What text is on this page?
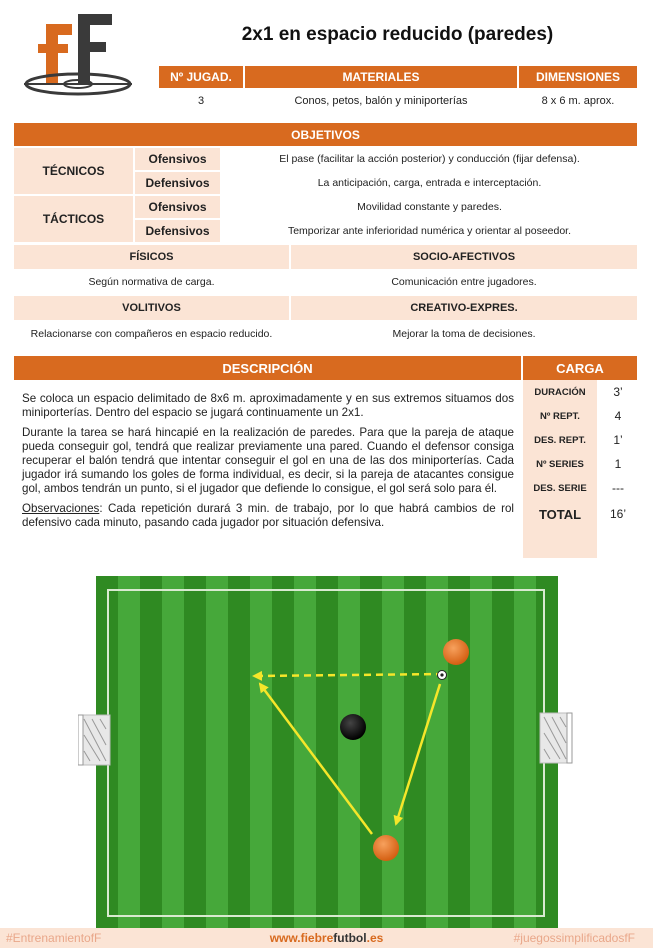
2x1 en espacio reducido (paredes)
Nº JUGAD.	MATERIALES	DIMENSIONES
3	Conos, petos, balón y miniporterías	8 x 6 m. aprox.
OBJETIVOS
TÉCNICOS
Ofensivos	El pase (facilitar la acción posterior) y conducción (fijar defensa).
Defensivos	La anticipación, carga, entrada e interceptación.
TÁCTICOS
Ofensivos	Movilidad constante y paredes.
Defensivos	Temporizar ante inferioridad numérica y orientar al poseedor.
FÍSICOS	SOCIO-AFECTIVOS
Según normativa de carga.	Comunicación entre jugadores.
VOLITIVOS	CREATIVO-EXPRES.
Relacionarse con compañeros en espacio reducido.	Mejorar la toma de decisiones.
DESCRIPCIÓN

Se coloca un espacio delimitado de 8x6 m. aproximadamente y en sus extremos situamos dos miniporterías. Dentro del espacio se jugará continuamente un 2x1.

Durante la tarea se hará hincapié en la realización de paredes. Para que la pareja de ataque pueda conseguir gol, tendrá que realizar previamente una pared. Cuando el defensor consiga recuperar el balón tendrá que intentar conseguir el gol en una de las dos miniporterías. Cada jugador irá sumando los goles de forma individual, es decir, si la pareja de atacantes consigue gol, ambos tendrán un punto, si el jugador que defiende lo consigue, el gol será solo para él.

Observaciones: Cada repetición durará 3 min. de trabajo, por lo que habrá cambios de rol defensivo cada minuto, pasando cada jugador por situación defensiva.

CARGA
DURACIÓN	3’
Nº REPT.	4
DES. REPT.	1’
Nº SERIES	1
DES. SERIE	---
TOTAL	16’
#EntrenamientofF	www.fiebrefutbol.es	#juegossimplificadosfF
